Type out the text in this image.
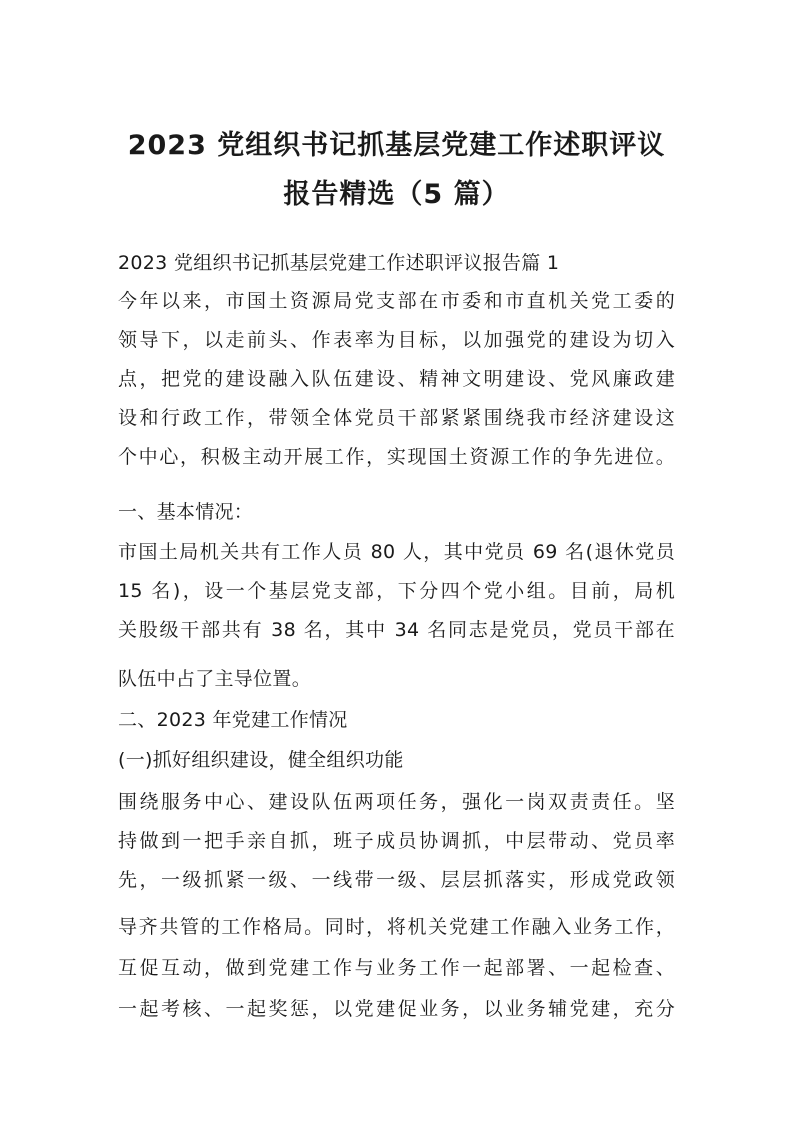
2023 党组织书记抓基层党建工作述职评议
报告精选（5 篇）
2023 党组织书记抓基层党建工作述职评议报告篇 1
今年以来，市国土资源局党支部在市委和市直机关党工委的
领导下，以走前头、作表率为目标，以加强党的建设为切入
点，把党的建设融入队伍建设、精神文明建设、党风廉政建
设和行政工作，带领全体党员干部紧紧围绕我市经济建设这
个中心，积极主动开展工作，实现国土资源工作的争先进位。
一、基本情况：
市国土局机关共有工作人员 80 人，其中党员 69 名(退休党员
15 名)，设一个基层党支部，下分四个党小组。目前，局机
关股级干部共有 38 名，其中 34 名同志是党员，党员干部在
队伍中占了主导位置。
二、2023 年党建工作情况
(一)抓好组织建设，健全组织功能
围绕服务中心、建设队伍两项任务，强化一岗双责责任。坚
持做到一把手亲自抓，班子成员协调抓，中层带动、党员率
先，一级抓紧一级、一线带一级、层层抓落实，形成党政领
导齐共管的工作格局。同时，将机关党建工作融入业务工作，
互促互动，做到党建工作与业务工作一起部署、一起检查、
一起考核、一起奖惩，以党建促业务，以业务辅党建，充分
